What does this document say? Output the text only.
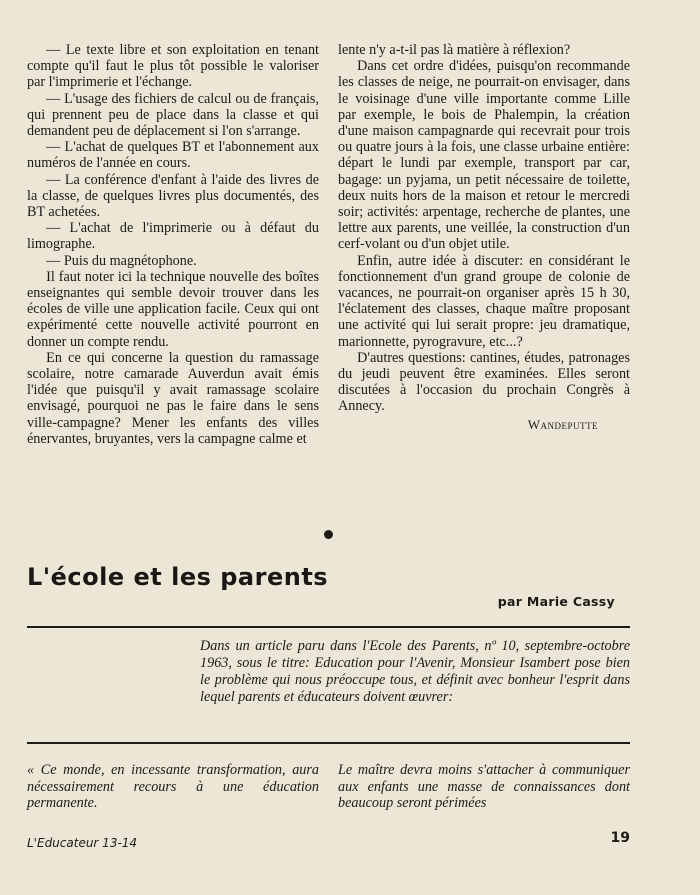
— Le texte libre et son exploitation en tenant compte qu'il faut le plus tôt possible le valoriser par l'imprimerie et l'échange.

— L'usage des fichiers de calcul ou de français, qui prennent peu de place dans la classe et qui demandent peu de déplacement si l'on s'arrange.

— L'achat de quelques BT et l'abonnement aux numéros de l'année en cours.

— La conférence d'enfant à l'aide des livres de la classe, de quelques livres plus documentés, des BT achetées.

— L'achat de l'imprimerie ou à défaut du limographe.

— Puis du magnétophone.

Il faut noter ici la technique nouvelle des boîtes enseignantes qui semble devoir trouver dans les écoles de ville une application facile. Ceux qui ont expérimenté cette nouvelle activité pourront en donner un compte rendu.

En ce qui concerne la question du ramassage scolaire, notre camarade Auverdun avait émis l'idée que puisqu'il y avait ramassage scolaire envisagé, pourquoi ne pas le faire dans le sens ville-campagne? Mener les enfants des villes énervantes, bruyantes, vers la campagne calme et

lente n'y a-t-il pas là matière à réflexion?

Dans cet ordre d'idées, puisqu'on recommande les classes de neige, ne pourrait-on envisager, dans le voisinage d'une ville importante comme Lille par exemple, le bois de Phalempin, la création d'une maison campagnarde qui recevrait pour trois ou quatre jours à la fois, une classe urbaine entière: départ le lundi par exemple, transport par car, bagage: un pyjama, un petit nécessaire de toilette, deux nuits hors de la maison et retour le mercredi soir; activités: arpentage, recherche de plantes, une lettre aux parents, une veillée, la construction d'un cerf-volant ou d'un objet utile.

Enfin, autre idée à discuter: en considérant le fonctionnement d'un grand groupe de colonie de vacances, ne pourrait-on organiser après 15 h 30, l'éclatement des classes, chaque maître proposant une activité qui lui serait propre: jeu dramatique, marionnette, pyrogravure, etc...?

D'autres questions: cantines, études, patronages du jeudi peuvent être examinées. Elles seront discutées à l'occasion du prochain Congrès à Annecy.

Wandeputte
L'école et les parents
par Marie Cassy
Dans un article paru dans l'Ecole des Parents, nº 10, septembre-octobre 1963, sous le titre: Education pour l'Avenir, Monsieur Isambert pose bien le problème qui nous préoccupe tous, et définit avec bonheur l'esprit dans lequel parents et éducateurs doivent œuvrer:
« Ce monde, en incessante transformation, aura nécessairement recours à une éducation permanente.
Le maître devra moins s'attacher à communiquer aux enfants une masse de connaissances dont beaucoup seront périmées
L'Educateur 13-14	19
